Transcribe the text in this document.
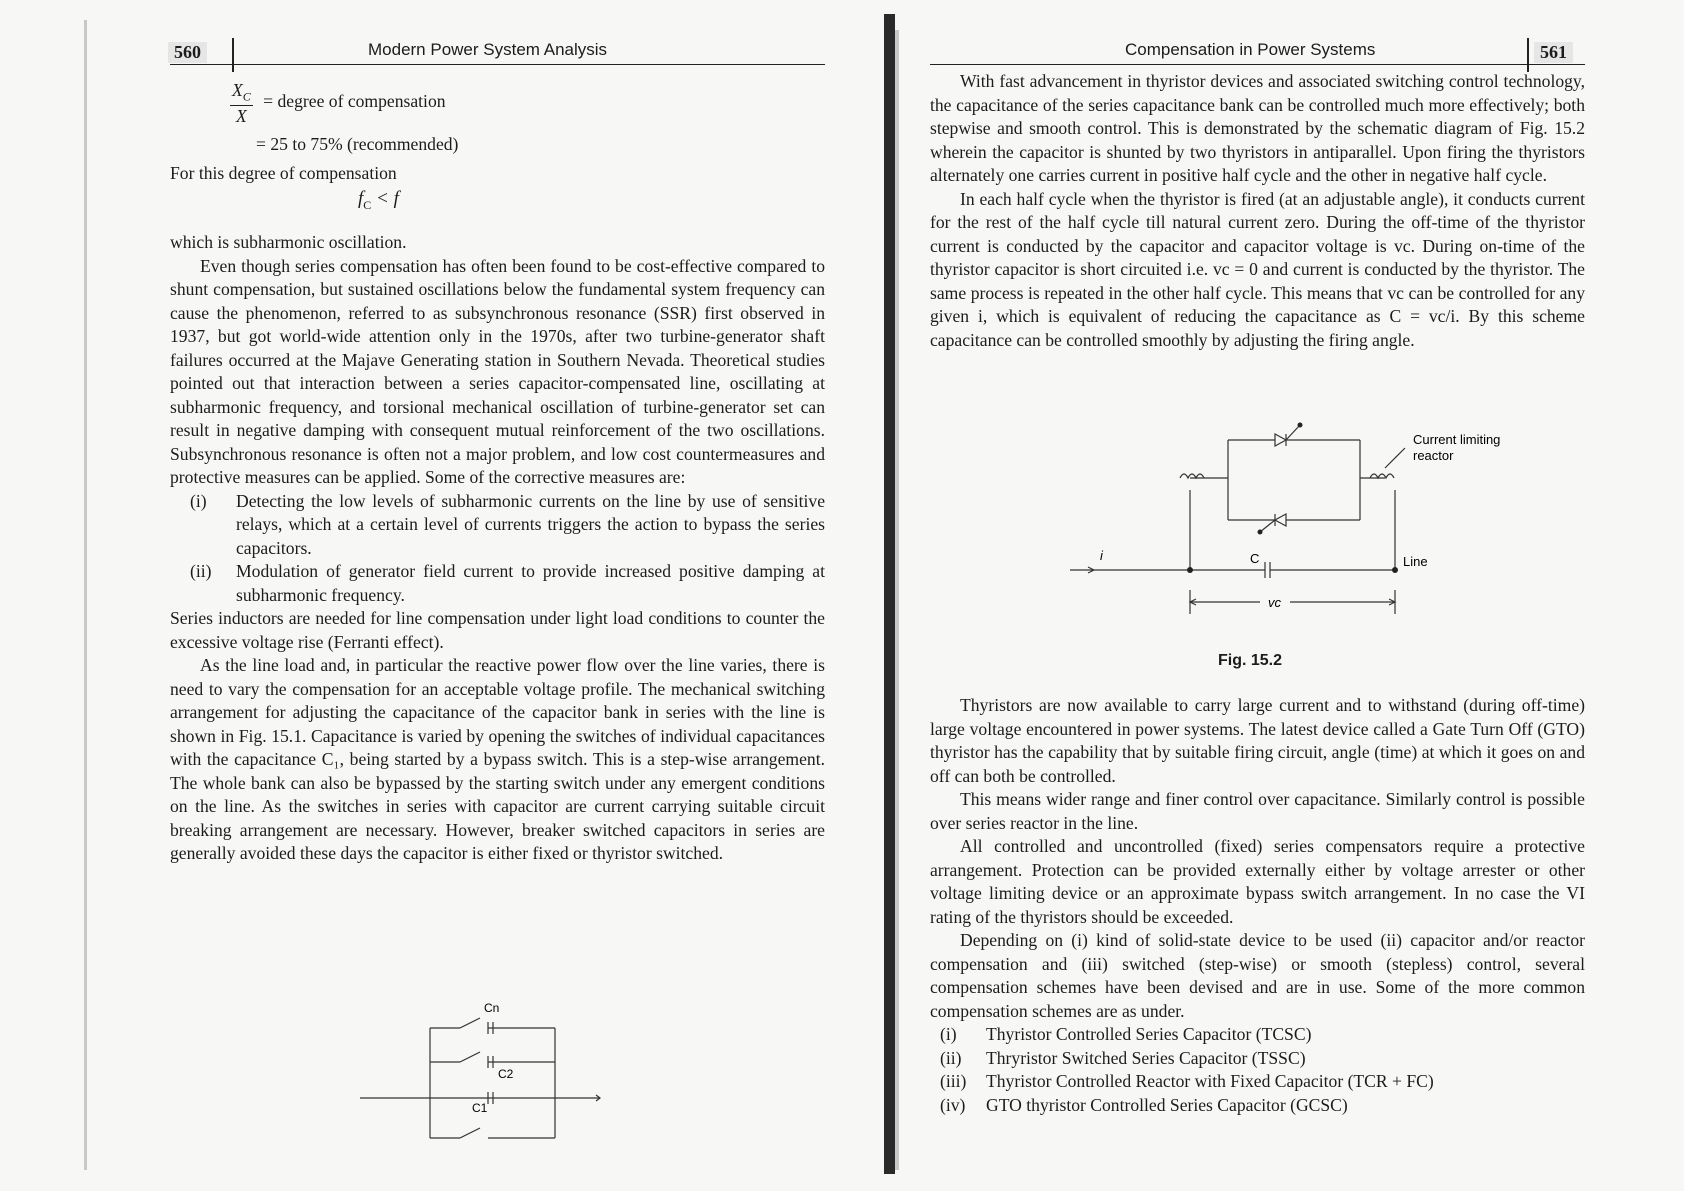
560	Modern Power System Analysis
$\frac{X_C}{X}$ = degree of compensation
= 25 to 75% (recommended)

For this degree of compensation

$f_C < f$

which is subharmonic oscillation.

Even though series compensation has often been found to be cost-effective compared to shunt compensation, but sustained oscillations below the fundamental system frequency can cause the phenomenon, referred to as subsynchronous resonance (SSR) first observed in 1937, but got world-wide attention only in the 1970s, after two turbine-generator shaft failures occurred at the Majave Generating station in Southern Nevada. Theoretical studies pointed out that interaction between a series capacitor-compensated line, oscillating at subharmonic frequency, and torsional mechanical oscillation of turbine-generator set can result in negative damping with consequent mutual reinforcement of the two oscillations. Subsynchronous resonance is often not a major problem, and low cost countermeasures and protective measures can be applied. Some of the corrective measures are:

(i)	Detecting the low levels of subharmonic currents on the line by use of sensitive relays, which at a certain level of currents triggers the action to bypass the series capacitors.
(ii)	Modulation of generator field current to provide increased positive damping at subharmonic frequency.

Series inductors are needed for line compensation under light load conditions to counter the excessive voltage rise (Ferranti effect).

As the line load and, in particular the reactive power flow over the line varies, there is need to vary the compensation for an acceptable voltage profile. The mechanical switching arrangement for adjusting the capacitance of the capacitor bank in series with the line is shown in Fig. 15.1. Capacitance is varied by opening the switches of individual capacitances with the capacitance C₁, being started by a bypass switch. This is a step-wise arrangement. The whole bank can also be bypassed by the starting switch under any emergent conditions on the line. As the switches in series with capacitor are current carrying suitable circuit breaking arrangement are necessary. However, breaker switched capacitors in series are generally avoided these days the capacitor is either fixed or thyristor switched.

Cn
C2
C1
Compensation in Power Systems	561

With fast advancement in thyristor devices and associated switching control technology, the capacitance of the series capacitance bank can be controlled much more effectively; both stepwise and smooth control. This is demonstrated by the schematic diagram of Fig. 15.2 wherein the capacitor is shunted by two thyristors in antiparallel. Upon firing the thyristors alternately one carries current in positive half cycle and the other in negative half cycle.

In each half cycle when the thyristor is fired (at an adjustable angle), it conducts current for the rest of the half cycle till natural current zero. During the off-time of the thyristor current is conducted by the capacitor and capacitor voltage is vc. During on-time of the thyristor capacitor is short circuited i.e. vc = 0 and current is conducted by the thyristor. The same process is repeated in the other half cycle. This means that vc can be controlled for any given i, which is equivalent of reducing the capacitance as C = vc/i. By this scheme capacitance can be controlled smoothly by adjusting the firing angle.

Current limiting
reactor
i	C	Line
vc
Fig. 15.2

Thyristors are now available to carry large current and to withstand (during off-time) large voltage encountered in power systems. The latest device called a Gate Turn Off (GTO) thyristor has the capability that by suitable firing circuit, angle (time) at which it goes on and off can both be controlled.

This means wider range and finer control over capacitance. Similarly control is possible over series reactor in the line.

All controlled and uncontrolled (fixed) series compensators require a protective arrangement. Protection can be provided externally either by voltage arrester or other voltage limiting device or an approximate bypass switch arrangement. In no case the VI rating of the thyristors should be exceeded.

Depending on (i) kind of solid-state device to be used (ii) capacitor and/or reactor compensation and (iii) switched (step-wise) or smooth (stepless) control, several compensation schemes have been devised and are in use. Some of the more common compensation schemes are as under.

(i)	Thyristor Controlled Series Capacitor (TCSC)
(ii)	Thryristor Switched Series Capacitor (TSSC)
(iii)	Thyristor Controlled Reactor with Fixed Capacitor (TCR + FC)
(iv)	GTO thyristor Controlled Series Capacitor (GCSC)
